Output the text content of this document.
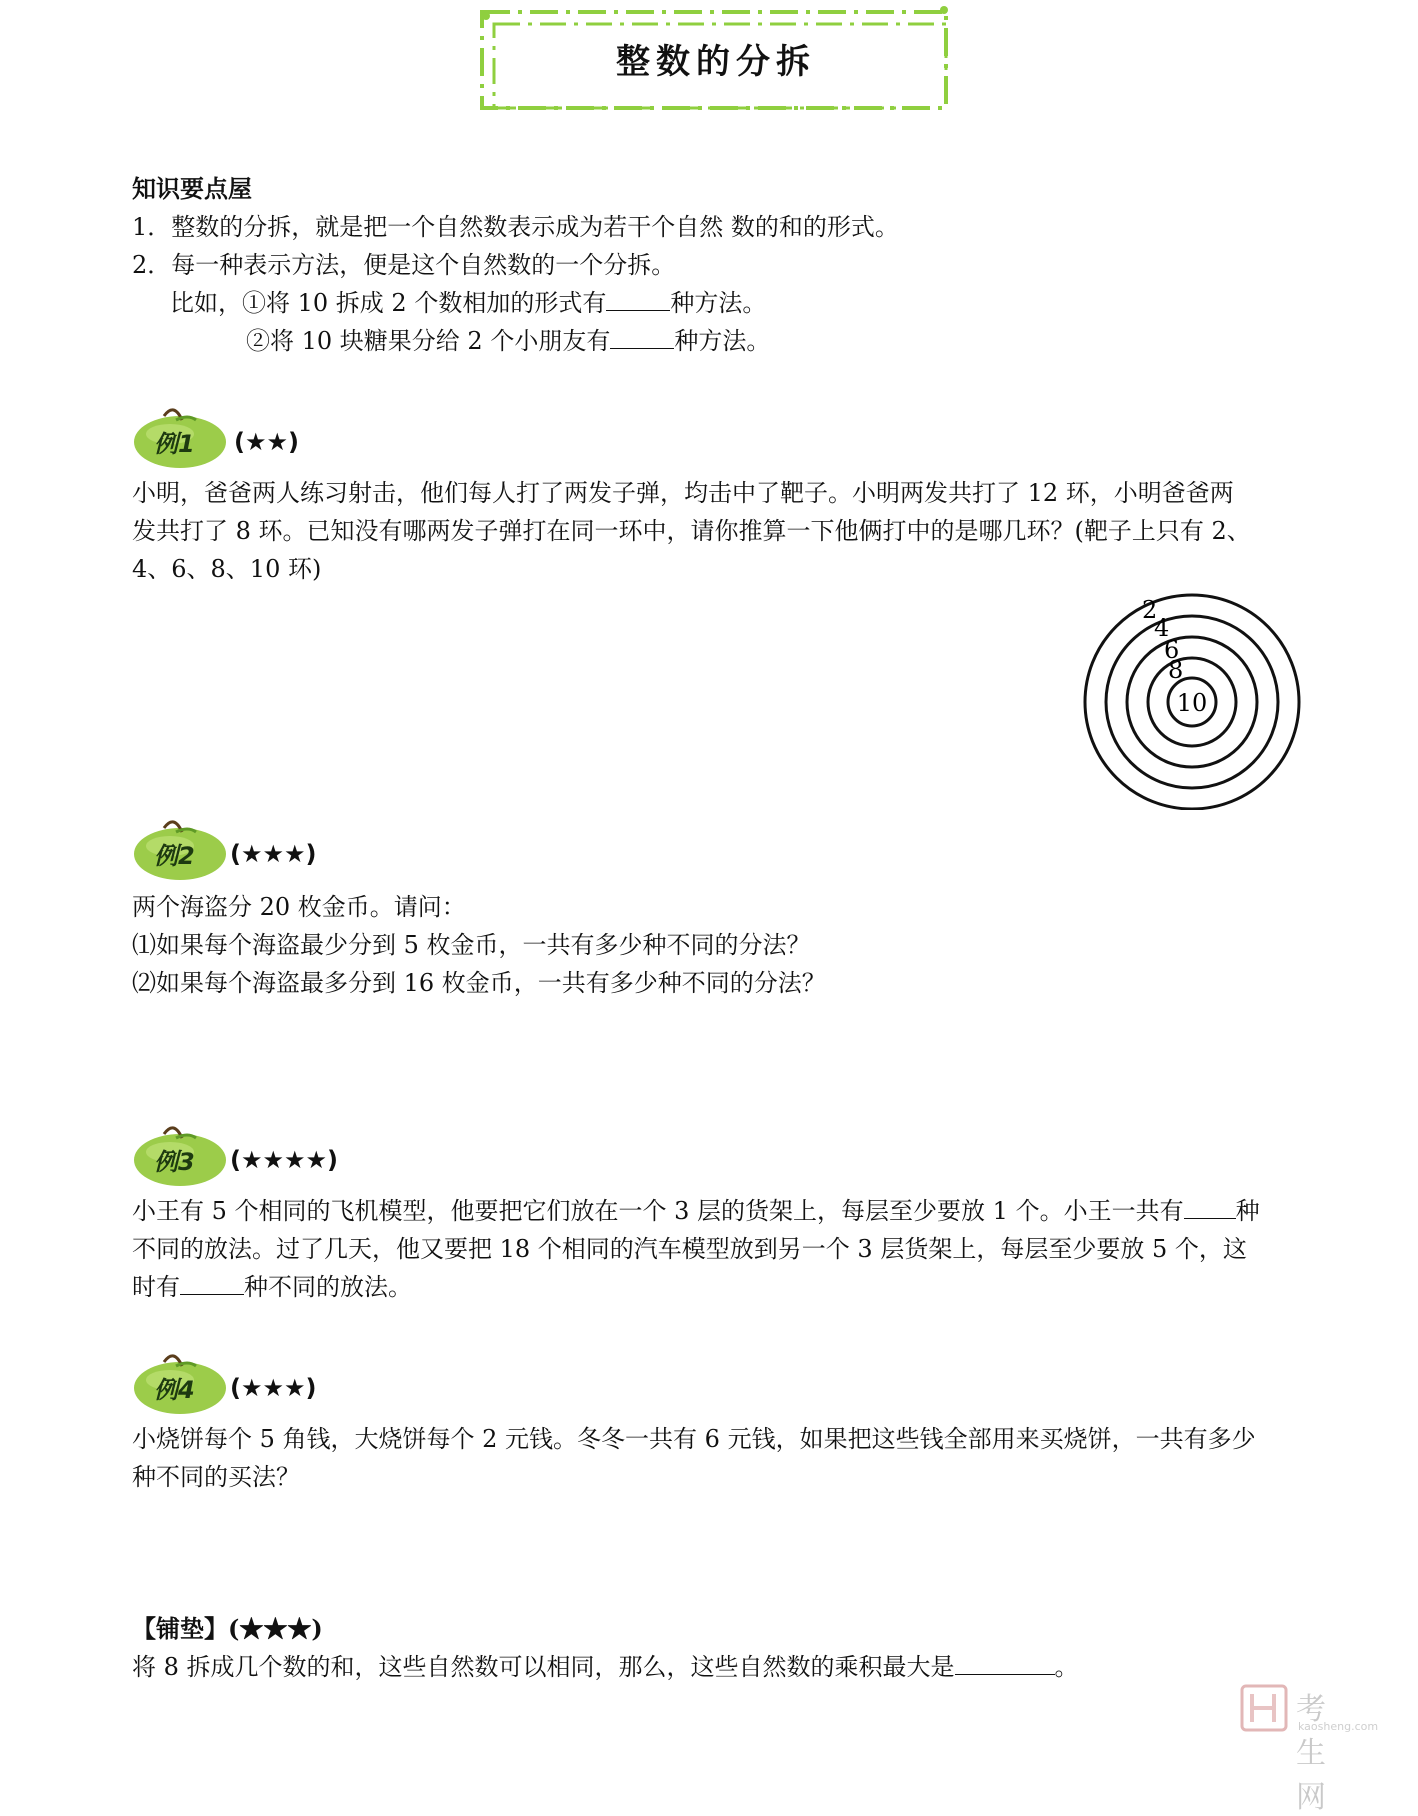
整数的分拆
知识要点屋
1．整数的分拆，就是把一个自然数表示成为若干个自然 数的和的形式。
2．每一种表示方法，便是这个自然数的一个分拆。
比如，①将 10 拆成 2 个数相加的形式有	种方法。
②将 10 块糖果分给 2 个小朋友有	种方法。
例1 (★★)
小明，爸爸两人练习射击，他们每人打了两发子弹，均击中了靶子。小明两发共打了 12 环，小明爸爸两
发共打了 8 环。已知没有哪两发子弹打在同一环中，请你推算一下他俩打中的是哪几环？(靶子上只有 2、
4、6、8、10 环)
2
4
6
8
10
例2 (★★★)
两个海盗分 20 枚金币。请问：
⑴如果每个海盗最少分到 5 枚金币，一共有多少种不同的分法？
⑵如果每个海盗最多分到 16 枚金币，一共有多少种不同的分法？
例3 (★★★★)
小王有 5 个相同的飞机模型，他要把它们放在一个 3 层的货架上，每层至少要放 1 个。小王一共有 种
不同的放法。过了几天，他又要把 18 个相同的汽车模型放到另一个 3 层货架上，每层至少要放 5 个，这
时有	种不同的放法。
例4 (★★★)
小烧饼每个 5 角钱，大烧饼每个 2 元钱。冬冬一共有 6 元钱，如果把这些钱全部用来买烧饼，一共有多少
种不同的买法？
【铺垫】(★★★)
将 8 拆成几个数的和，这些自然数可以相同，那么，这些自然数的乘积最大是	。
考生网
kaosheng.com
